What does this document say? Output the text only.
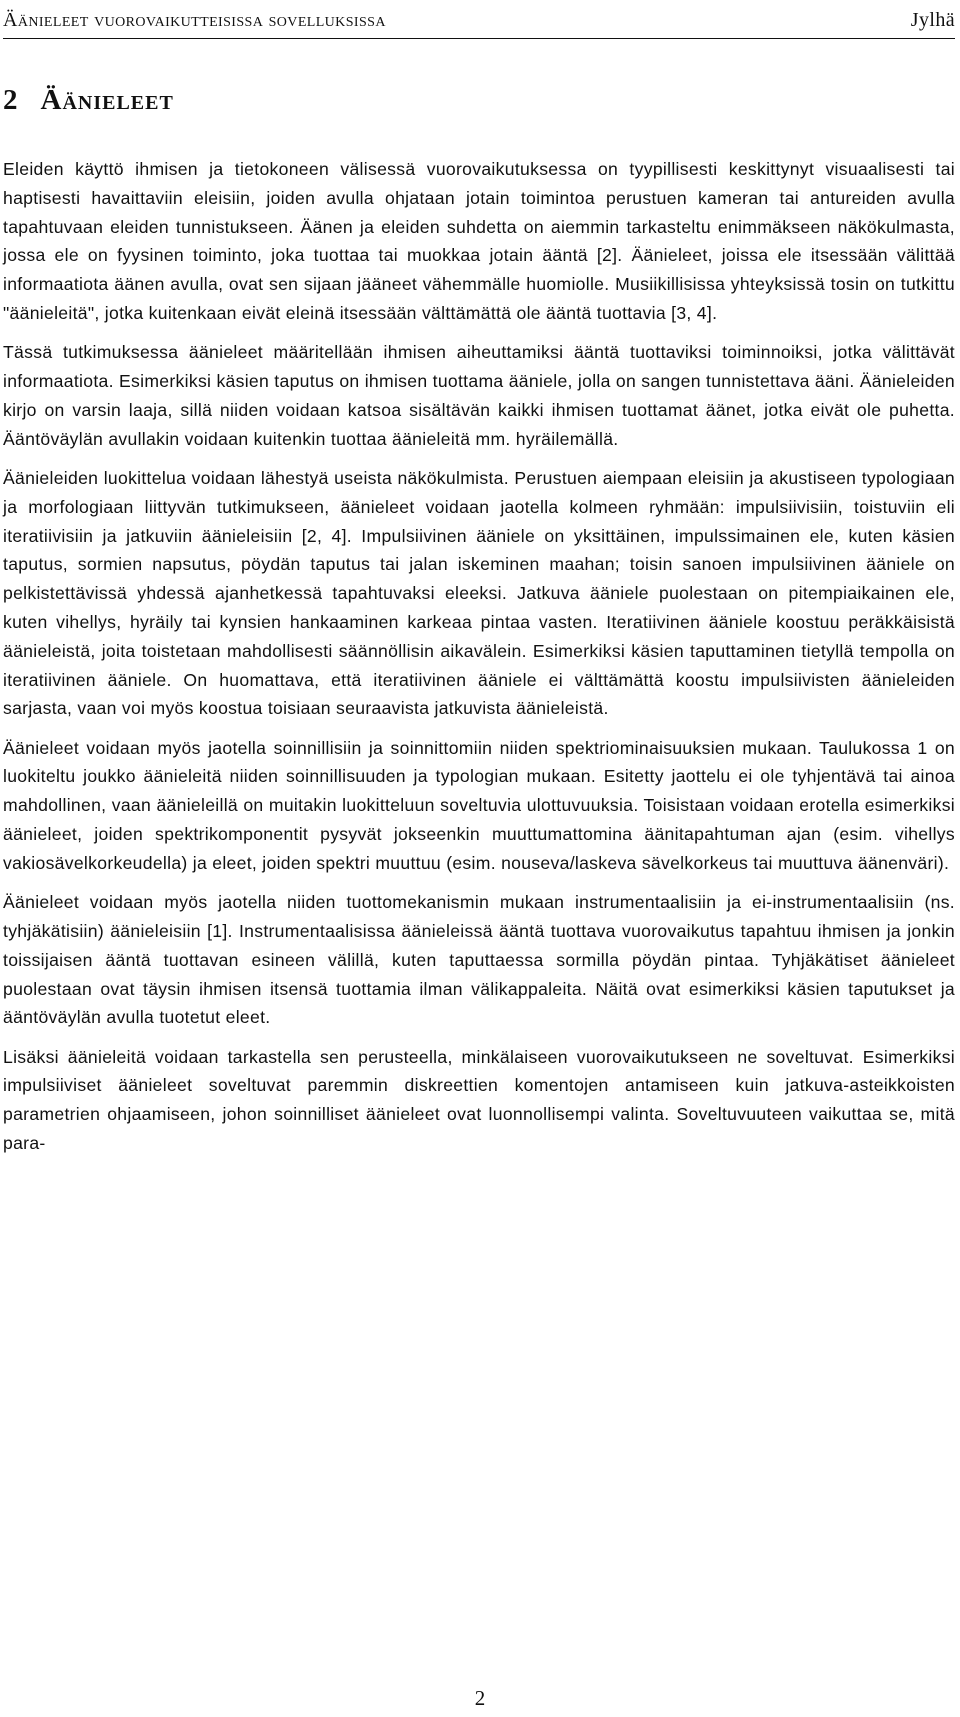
Äänieleet vuorovaikutteisissa sovelluksissa	Jylhä
2 Äänieleet

Eleiden käyttö ihmisen ja tietokoneen välisessä vuorovaikutuksessa on tyypillisesti keskittynyt visuaalisesti tai haptisesti havaittaviin eleisiin, joiden avulla ohjataan jotain toimintoa perustuen kameran tai antureiden avulla tapahtuvaan eleiden tunnistukseen. Äänen ja eleiden suhdetta on aiemmin tarkasteltu enimmäkseen näkökulmasta, jossa ele on fyysinen toiminto, joka tuottaa tai muokkaa jotain ääntä [2]. Äänieleet, joissa ele itsessään välittää informaatiota äänen avulla, ovat sen sijaan jääneet vähemmälle huomiolle. Musiikillisissa yhteyksissä tosin on tutkittu "äänieleitä", jotka kuitenkaan eivät eleinä itsessään välttämättä ole ääntä tuottavia [3, 4].

Tässä tutkimuksessa äänieleet määritellään ihmisen aiheuttamiksi ääntä tuottaviksi toiminnoiksi, jotka välittävät informaatiota. Esimerkiksi käsien taputus on ihmisen tuottama ääniele, jolla on sangen tunnistettava ääni. Äänieleiden kirjo on varsin laaja, sillä niiden voidaan katsoa sisältävän kaikki ihmisen tuottamat äänet, jotka eivät ole puhetta. Ääntöväylän avullakin voidaan kuitenkin tuottaa äänieleitä mm. hyräilemällä.

Äänieleiden luokittelua voidaan lähestyä useista näkökulmista. Perustuen aiempaan eleisiin ja akustiseen typologiaan ja morfologiaan liittyvän tutkimukseen, äänieleet voidaan jaotella kolmeen ryhmään: impulsiivisiin, toistuviin eli iteratiivisiin ja jatkuviin äänieleisiin [2, 4]. Impulsiivinen ääniele on yksittäinen, impulssimainen ele, kuten käsien taputus, sormien napsutus, pöydän taputus tai jalan iskeminen maahan; toisin sanoen impulsiivinen ääniele on pelkistettävissä yhdessä ajanhetkessä tapahtuvaksi eleeksi. Jatkuva ääniele puolestaan on pitempiaikainen ele, kuten vihellys, hyräily tai kynsien hankaaminen karkeaa pintaa vasten. Iteratiivinen ääniele koostuu peräkkäisistä äänieleistä, joita toistetaan mahdollisesti säännöllisin aikavälein. Esimerkiksi käsien taputtaminen tietyllä tempolla on iteratiivinen ääniele. On huomattava, että iteratiivinen ääniele ei välttämättä koostu impulsiivisten äänieleiden sarjasta, vaan voi myös koostua toisiaan seuraavista jatkuvista äänieleistä.

Äänieleet voidaan myös jaotella soinnillisiin ja soinnittomiin niiden spektriominaisuuksien mukaan. Taulukossa 1 on luokiteltu joukko äänieleitä niiden soinnillisuuden ja typologian mukaan. Esitetty jaottelu ei ole tyhjentävä tai ainoa mahdollinen, vaan äänieleillä on muitakin luokitteluun soveltuvia ulottuvuuksia. Toisistaan voidaan erotella esimerkiksi äänieleet, joiden spektrikomponentit pysyvät jokseenkin muuttumattomina äänitapahtuman ajan (esim. vihellys vakiosävelkorkeudella) ja eleet, joiden spektri muuttuu (esim. nouseva/laskeva sävelkorkeus tai muuttuva äänenväri).

Äänieleet voidaan myös jaotella niiden tuottomekanismin mukaan instrumentaalisiin ja ei-instrumentaalisiin (ns. tyhjäkätisiin) äänieleisiin [1]. Instrumentaalisissa äänieleissä ääntä tuottava vuorovaikutus tapahtuu ihmisen ja jonkin toissijaisen ääntä tuottavan esineen välillä, kuten taputtaessa sormilla pöydän pintaa. Tyhjäkätiset äänieleet puolestaan ovat täysin ihmisen itsensä tuottamia ilman välikappaleita. Näitä ovat esimerkiksi käsien taputukset ja ääntöväylän avulla tuotetut eleet.

Lisäksi äänieleitä voidaan tarkastella sen perusteella, minkälaiseen vuorovaikutukseen ne soveltuvat. Esimerkiksi impulsiiviset äänieleet soveltuvat paremmin diskreettien komentojen antamiseen kuin jatkuva-asteikkoisten parametrien ohjaamiseen, johon soinnilliset äänieleet ovat luonnollisempi valinta. Soveltuvuuteen vaikuttaa se, mitä para-

2
